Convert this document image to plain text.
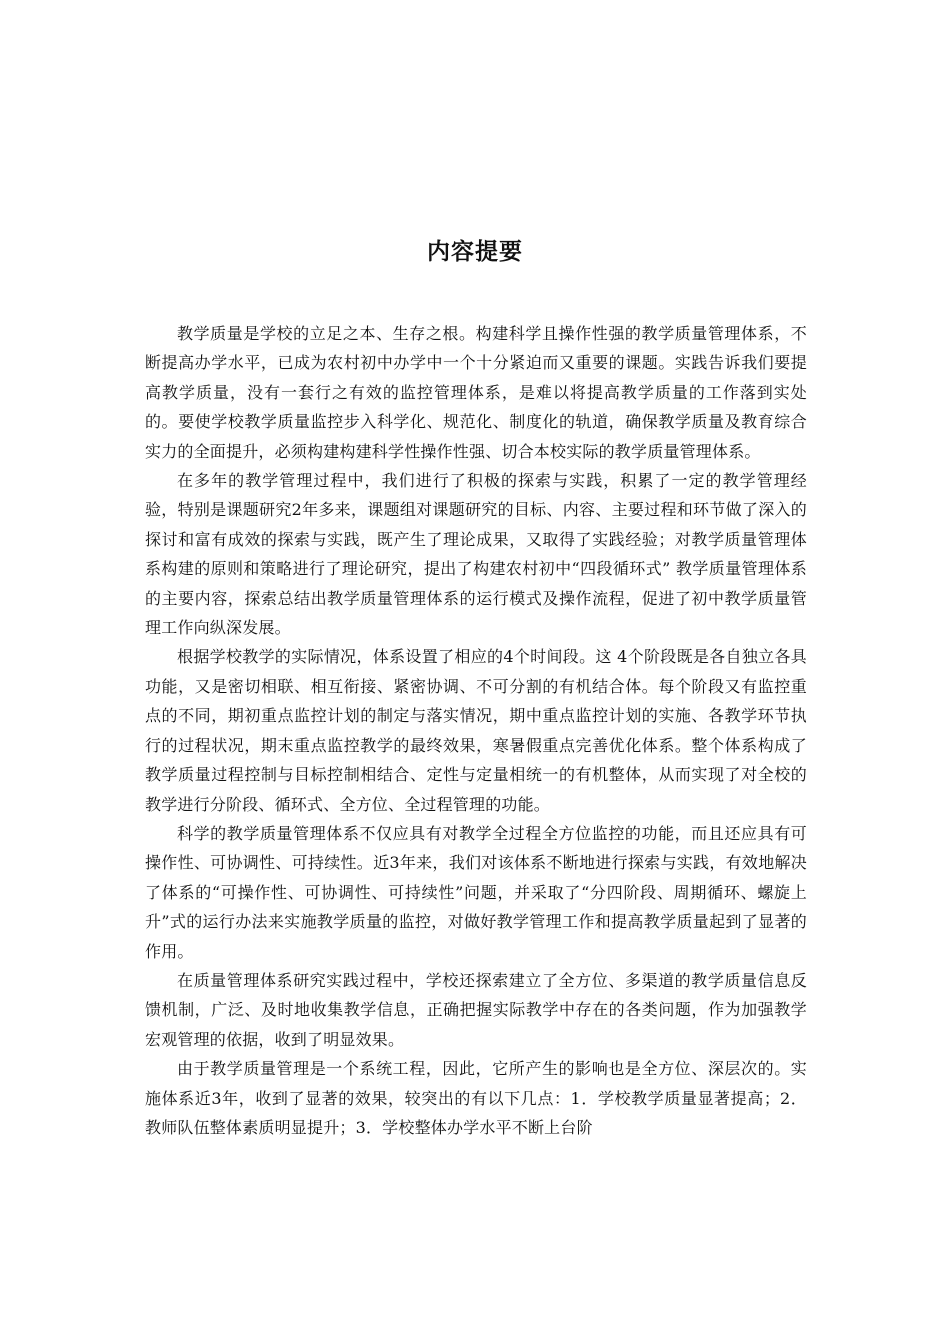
内容提要

教学质量是学校的立足之本、生存之根。构建科学且操作性强的教学质量管理体系，不断提高办学水平，已成为农村初中办学中一个十分紧迫而又重要的课题。实践告诉我们要提高教学质量，没有一套行之有效的监控管理体系，是难以将提高教学质量的工作落到实处的。要使学校教学质量监控步入科学化、规范化、制度化的轨道，确保教学质量及教育综合实力的全面提升，必须构建构建科学性操作性强、切合本校实际的教学质量管理体系。

在多年的教学管理过程中，我们进行了积极的探索与实践，积累了一定的教学管理经验，特别是课题研究2年多来，课题组对课题研究的目标、内容、主要过程和环节做了深入的探讨和富有成效的探索与实践，既产生了理论成果，又取得了实践经验；对教学质量管理体系构建的原则和策略进行了理论研究，提出了构建农村初中“四段循环式” 教学质量管理体系的主要内容，探索总结出教学质量管理体系的运行模式及操作流程，促进了初中教学质量管理工作向纵深发展。

根据学校教学的实际情况，体系设置了相应的4个时间段。这 4个阶段既是各自独立各具功能，又是密切相联、相互衔接、紧密协调、不可分割的有机结合体。每个阶段又有监控重点的不同，期初重点监控计划的制定与落实情况，期中重点监控计划的实施、各教学环节执行的过程状况，期末重点监控教学的最终效果，寒暑假重点完善优化体系。整个体系构成了教学质量过程控制与目标控制相结合、定性与定量相统一的有机整体，从而实现了对全校的教学进行分阶段、循环式、全方位、全过程管理的功能。

科学的教学质量管理体系不仅应具有对教学全过程全方位监控的功能，而且还应具有可操作性、可协调性、可持续性。近3年来，我们对该体系不断地进行探索与实践，有效地解决了体系的“可操作性、可协调性、可持续性”问题，并采取了“分四阶段、周期循环、螺旋上升”式的运行办法来实施教学质量的监控，对做好教学管理工作和提高教学质量起到了显著的作用。

在质量管理体系研究实践过程中，学校还探索建立了全方位、多渠道的教学质量信息反馈机制，广泛、及时地收集教学信息，正确把握实际教学中存在的各类问题，作为加强教学宏观管理的依据，收到了明显效果。

由于教学质量管理是一个系统工程，因此，它所产生的影响也是全方位、深层次的。实施体系近3年，收到了显著的效果，较突出的有以下几点：1．学校教学质量显著提高；2．教师队伍整体素质明显提升；3．学校整体办学水平不断上台阶
